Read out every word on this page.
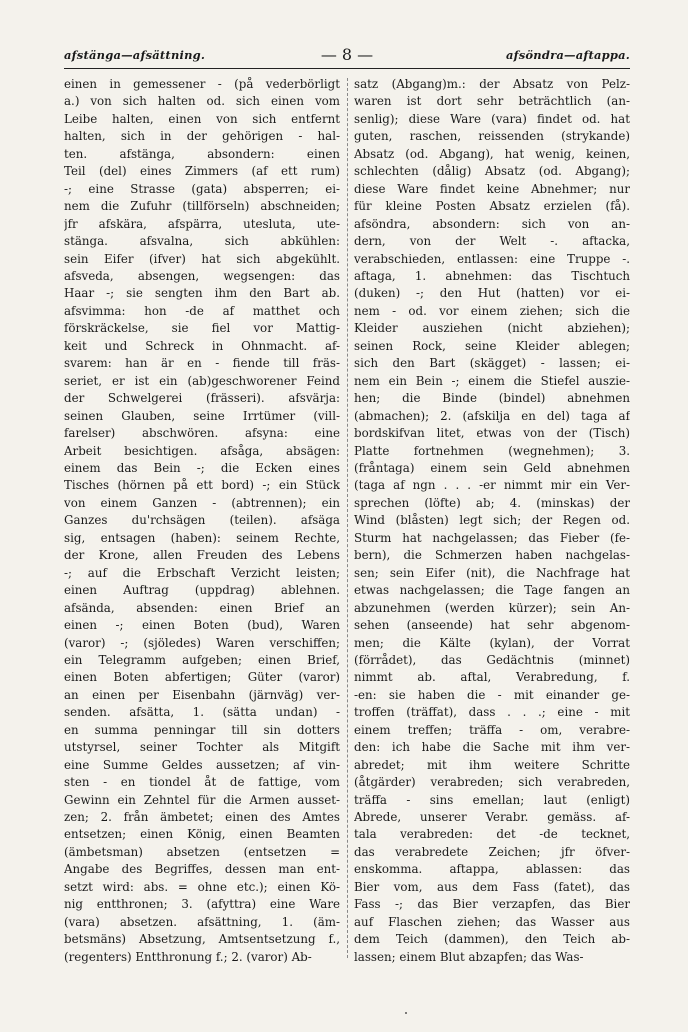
afstänga—afsättning.	— 8 —	afsöndra—aftappa.
einen in gemessener - (på vederbörligt
a.) von sich halten od. sich einen vom
Leibe halten, einen von sich entfernt
halten, sich in der gehörigen - hal-
ten. afstänga, absondern: einen
Teil (del) eines Zimmers (af ett rum)
-; eine Strasse (gata) absperren; ei-
nem die Zufuhr (tillförseln) abschneiden;
jfr afskära, afspärra, utesluta, ute-
stänga. afsvalna, sich abkühlen:
sein Eifer (ifver) hat sich abgekühlt.
afsveda, absengen, wegsengen: das
Haar -; sie sengten ihm den Bart ab.
afsvimma: hon -de af matthet och
förskräckelse, sie fiel vor Mattig-
keit und Schreck in Ohnmacht. af-
svarem: han är en - fiende till fräs-
seriet, er ist ein (ab)geschworener Feind
der Schwelgerei (frässeri). afsvärja:
seinen Glauben, seine Irrtümer (vill-
farelser) abschwören. afsyna: eine
Arbeit besichtigen. afsåga, absägen:
einem das Bein -; die Ecken eines
Tisches (hörnen på ett bord) -; ein Stück
von einem Ganzen - (abtrennen); ein
Ganzes du'rchsägen (teilen). afsäga
sig, entsagen (haben): seinem Rechte,
der Krone, allen Freuden des Lebens
-; auf die Erbschaft Verzicht leisten;
einen Auftrag (uppdrag) ablehnen.
afsända, absenden: einen Brief an
einen -; einen Boten (bud), Waren
(varor) -; (sjöledes) Waren verschiffen;
ein Telegramm aufgeben; einen Brief,
einen Boten abfertigen; Güter (varor)
an einen per Eisenbahn (järnväg) ver-
senden. afsätta, 1. (sätta undan) -
en summa penningar till sin dotters
utstyrsel, seiner Tochter als Mitgift
eine Summe Geldes aussetzen; af vin-
sten - en tiondel åt de fattige, vom
Gewinn ein Zehntel für die Armen ausset-
zen; 2. från ämbetet; einen des Amtes
entsetzen; einen König, einen Beamten
(ämbetsman) absetzen (entsetzen =
Angabe des Begriffes, dessen man ent-
setzt wird: abs. = ohne etc.); einen Kö-
nig entthronen; 3. (afyttra) eine Ware
(vara) absetzen. afsättning, 1. (äm-
betsmäns) Absetzung, Amtsentsetzung f.,
(regenters) Entthronung f.; 2. (varor) Ab-
satz (Abgang)m.: der Absatz von Pelz-
waren ist dort sehr beträchtlich (an-
senlig); diese Ware (vara) findet od. hat
guten, raschen, reissenden (strykande)
Absatz (od. Abgang), hat wenig, keinen,
schlechten (dålig) Absatz (od. Abgang);
diese Ware findet keine Abnehmer; nur
für kleine Posten Absatz erzielen (få).
afsöndra, absondern: sich von an-
dern, von der Welt -. aftacka,
verabschieden, entlassen: eine Truppe -.
aftaga, 1. abnehmen: das Tischtuch
(duken) -; den Hut (hatten) vor ei-
nem - od. vor einem ziehen; sich die
Kleider ausziehen (nicht abziehen);
seinen Rock, seine Kleider ablegen;
sich den Bart (skägget) - lassen; ei-
nem ein Bein -; einem die Stiefel auszie-
hen; die Binde (bindel) abnehmen
(abmachen); 2. (afskilja en del) taga af
bordskifvan litet, etwas von der (Tisch)
Platte fortnehmen (wegnehmen); 3.
(fråntaga) einem sein Geld abnehmen
(taga af ngn . . . -er nimmt mir ein Ver-
sprechen (löfte) ab; 4. (minskas) der
Wind (blåsten) legt sich; der Regen od.
Sturm hat nachgelassen; das Fieber (fe-
bern), die Schmerzen haben nachgelas-
sen; sein Eifer (nit), die Nachfrage hat
etwas nachgelassen; die Tage fangen an
abzunehmen (werden kürzer); sein An-
sehen (anseende) hat sehr abgenom-
men; die Kälte (kylan), der Vorrat
(förrådet), das Gedächtnis (minnet)
nimmt ab. aftal, Verabredung, f.
-en: sie haben die - mit einander ge-
troffen (träffat), dass . . .; eine - mit
einem treffen; träffa - om, verabre-
den: ich habe die Sache mit ihm ver-
abredet; mit ihm weitere Schritte
(åtgärder) verabreden; sich verabreden,
träffa - sins emellan; laut (enligt)
Abrede, unserer Verabr. gemäss. af-
tala verabreden: det -de tecknet,
das verabredete Zeichen; jfr öfver-
enskomma. aftappa, ablassen: das
Bier vom, aus dem Fass (fatet), das
Fass -; das Bier verzapfen, das Bier
auf Flaschen ziehen; das Wasser aus
dem Teich (dammen), den Teich ab-
lassen; einem Blut abzapfen; das Was-
